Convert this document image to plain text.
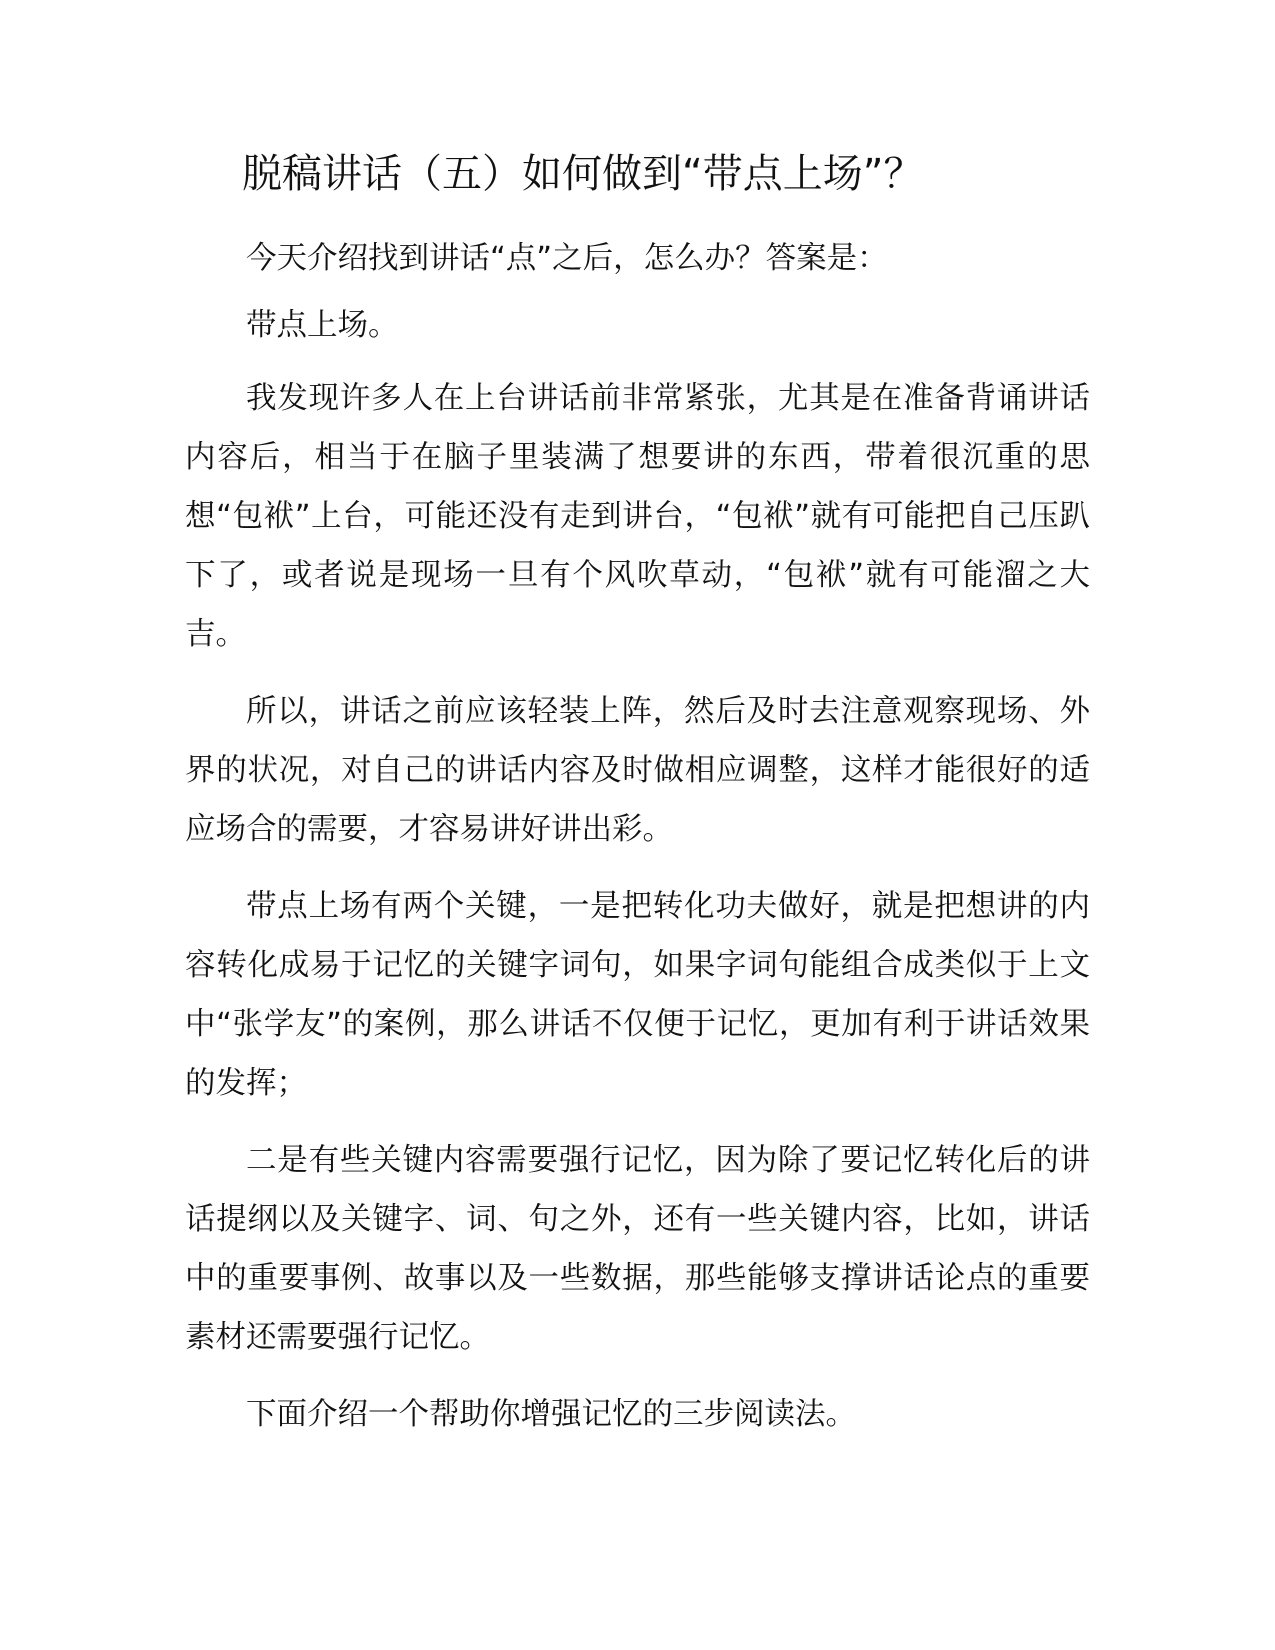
脱稿讲话（五）如何做到“带点上场”？

今天介绍找到讲话“点”之后，怎么办？答案是：

带点上场。

我发现许多人在上台讲话前非常紧张，尤其是在准备背诵讲话内容后，相当于在脑子里装满了想要讲的东西，带着很沉重的思想“包袱”上台，可能还没有走到讲台，“包袱”就有可能把自己压趴下了，或者说是现场一旦有个风吹草动，“包袱”就有可能溜之大吉。

所以，讲话之前应该轻装上阵，然后及时去注意观察现场、外界的状况，对自己的讲话内容及时做相应调整，这样才能很好的适应场合的需要，才容易讲好讲出彩。

带点上场有两个关键，一是把转化功夫做好，就是把想讲的内容转化成易于记忆的关键字词句，如果字词句能组合成类似于上文中“张学友”的案例，那么讲话不仅便于记忆，更加有利于讲话效果的发挥；

二是有些关键内容需要强行记忆，因为除了要记忆转化后的讲话提纲以及关键字、词、句之外，还有一些关键内容，比如，讲话中的重要事例、故事以及一些数据，那些能够支撑讲话论点的重要素材还需要强行记忆。

下面介绍一个帮助你增强记忆的三步阅读法。
